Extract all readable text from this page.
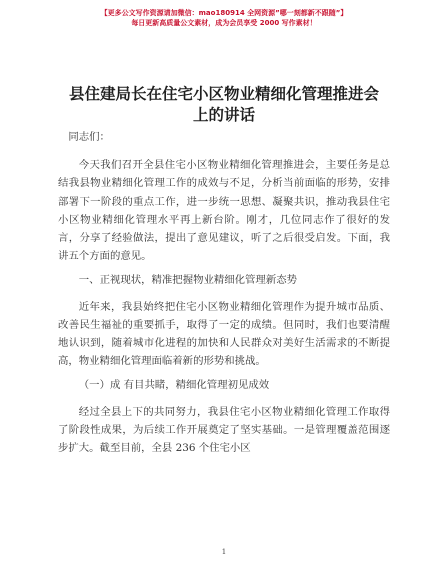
【更多公文写作资源请加微信：mao180914 全网资源”哪一刻都新不跟随”】
每日更新高质量公文素材，成为会员享受 2000 写作素材！
县住建局长在住宅小区物业精细化管理推进会
上的讲话

同志们：

今天我们召开全县住宅小区物业精细化管理推进会，主要任务是总结我县物业精细化管理工作的成效与不足，分析当前面临的形势，安排部署下一阶段的重点工作，进一步统一思想、凝聚共识，推动我县住宅小区物业精细化管理水平再上新台阶。刚才，几位同志作了很好的发言，分享了经验做法，提出了意见建议，听了之后很受启发。下面，我讲五个方面的意见。

一、正视现状，精准把握物业精细化管理新态势

近年来，我县始终把住宅小区物业精细化管理作为提升城市品质、改善民生福祉的重要抓手，取得了一定的成绩。但同时，我们也要清醒地认识到，随着城市化进程的加快和人民群众对美好生活需求的不断提高，物业精细化管理面临着新的形势和挑战。

（一）成 有目共睹，精细化管理初见成效

经过全县上下的共同努力，我县住宅小区物业精细化管理工作取得了阶段性成果，为后续工作开展奠定了坚实基础。一是管理覆盖范围逐步扩大。截至目前，全县 236 个住宅小区

1
